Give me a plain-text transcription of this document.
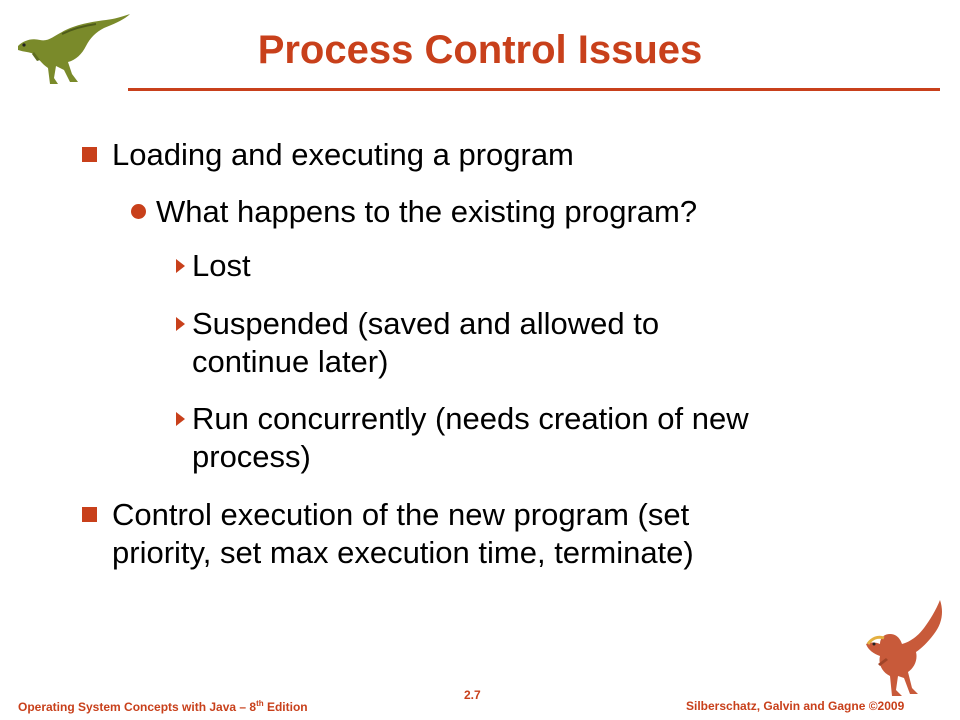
Process Control Issues
Loading and executing a program
What happens to the existing program?
Lost
Suspended (saved and allowed to
continue later)
Run concurrently (needs creation of new
process)
Control execution of the new program (set
priority, set max execution time, terminate)
Operating System Concepts with Java – 8th Edition
2.7
Silberschatz, Galvin and Gagne ©2009
